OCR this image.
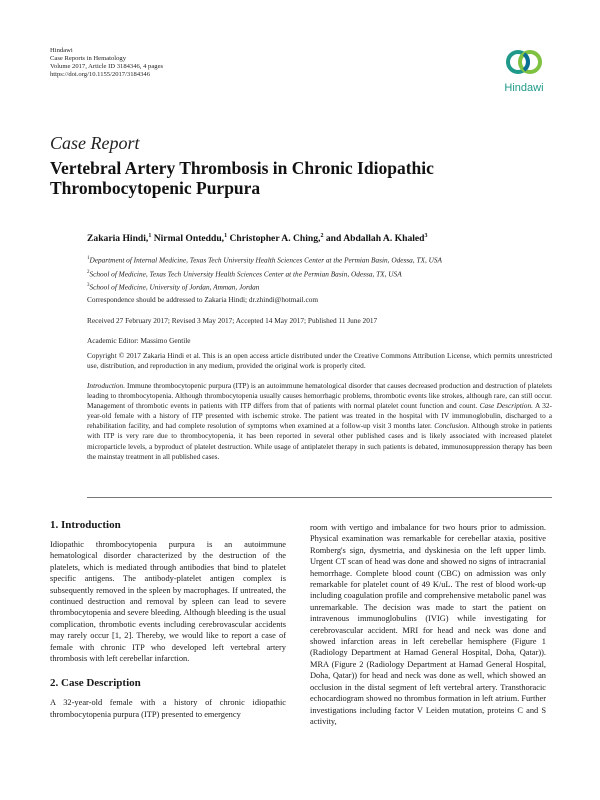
Hindawi
Case Reports in Hematology
Volume 2017, Article ID 3184346, 4 pages
https://doi.org/10.1155/2017/3184346
Hindawi
Case Report
Vertebral Artery Thrombosis in Chronic Idiopathic Thrombocytopenic Purpura
Zakaria Hindi,$^1$ Nirmal Onteddu,$^1$ Christopher A. Ching,$^2$ and Abdallah A. Khaled$^3$
$^1$Department of Internal Medicine, Texas Tech University Health Sciences Center at the Permian Basin, Odessa, TX, USA
$^2$School of Medicine, Texas Tech University Health Sciences Center at the Permian Basin, Odessa, TX, USA
$^3$School of Medicine, University of Jordan, Amman, Jordan
Correspondence should be addressed to Zakaria Hindi; dr.zhindi@hotmail.com
Received 27 February 2017; Revised 3 May 2017; Accepted 14 May 2017; Published 11 June 2017
Academic Editor: Massimo Gentile
Copyright © 2017 Zakaria Hindi et al. This is an open access article distributed under the Creative Commons Attribution License, which permits unrestricted use, distribution, and reproduction in any medium, provided the original work is properly cited.
Introduction. Immune thrombocytopenic purpura (ITP) is an autoimmune hematological disorder that causes decreased production and destruction of platelets leading to thrombocytopenia. Although thrombocytopenia usually causes hemorrhagic problems, thrombotic events like strokes, although rare, can still occur. Management of thrombotic events in patients with ITP differs from that of patients with normal platelet count function and count. Case Description. A 32-year-old female with a history of ITP presented with ischemic stroke. The patient was treated in the hospital with IV immunoglobulin, discharged to a rehabilitation facility, and had complete resolution of symptoms when examined at a follow-up visit 3 months later. Conclusion. Although stroke in patients with ITP is very rare due to thrombocytopenia, it has been reported in several other published cases and is likely associated with increased platelet microparticle levels, a byproduct of platelet destruction. While usage of antiplatelet therapy in such patients is debated, immunosuppression therapy has been the mainstay treatment in all published cases.
1. Introduction

Idiopathic thrombocytopenia purpura is an autoimmune hematological disorder characterized by the destruction of the platelets, which is mediated through antibodies that bind to platelet specific antigens. The antibody-platelet antigen complex is subsequently removed in the spleen by macrophages. If untreated, the continued destruction and removal by spleen can lead to severe thrombocytopenia and severe bleeding. Although bleeding is the usual complication, thrombotic events including cerebrovascular accidents may rarely occur [1, 2]. Thereby, we would like to report a case of female with chronic ITP who developed left vertebral artery thrombosis with left cerebellar infarction.

2. Case Description

A 32-year-old female with a history of chronic idiopathic thrombocytopenia purpura (ITP) presented to emergency

room with vertigo and imbalance for two hours prior to admission. Physical examination was remarkable for cerebellar ataxia, positive Romberg's sign, dysmetria, and dyskinesia on the left upper limb. Urgent CT scan of head was done and showed no signs of intracranial hemorrhage. Complete blood count (CBC) on admission was only remarkable for platelet count of 49 K/uL. The rest of blood work-up including coagulation profile and comprehensive metabolic panel was unremarkable. The decision was made to start the patient on intravenous immunoglobulins (IVIG) while investigating for cerebrovascular accident. MRI for head and neck was done and showed infarction areas in left cerebellar hemisphere (Figure 1 (Radiology Department at Hamad General Hospital, Doha, Qatar)). MRA (Figure 2 (Radiology Department at Hamad General Hospital, Doha, Qatar)) for head and neck was done as well, which showed an occlusion in the distal segment of left vertebral artery. Transthoracic echocardiogram showed no thrombus formation in left atrium. Further investigations including factor V Leiden mutation, proteins C and S activity,
